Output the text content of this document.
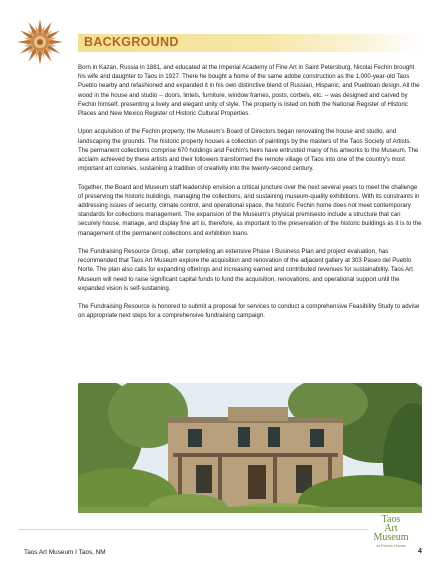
BACKGROUND

Born in Kazan, Russia in 1881, and educated at the Imperial Academy of Fine Art in Saint Petersburg, Nicolai Fechin brought his wife and daughter to Taos in 1927. There he bought a home of the same adobe construction as the 1,000-year-old Taos Pueblo nearby and refashioned and expanded it in his own distinctive blend of Russian, Hispanic, and Puebloan design. All the wood in the house and studio -- doors, lintels, furniture, window frames, posts, corbels, etc. -- was designed and carved by Fechin himself, presenting a lively and elegant unity of style. The property is listed on both the National Register of Historic Places and New Mexico Register of Historic Cultural Properties.

Upon acquisition of the Fechin property, the Museum's Board of Directors began renovating the house and studio, and landscaping the grounds. The historic property houses a collection of paintings by the masters of the Taos Society of Artists. The permanent collections comprise 670 holdings and Fechin's heirs have entrusted many of his artworks to the Museum. The acclaim achieved by these artists and their followers transformed the remote village of Taos into one of the country's most important art colonies, sustaining a tradition of creativity into the twenty-second century.

Together, the Board and Museum staff leadership envision a critical juncture over the next several years to meet the challenge of preserving the historic buildings, managing the collections, and sustaining museum-quality exhibitions. With its constraints in addressing issues of security, climate control, and operational space, the historic Fechin home does not meet contemporary standards for collections management. The expansion of the Museum's physical premisesto include a structure that can securely house, manage, and display fine art is, therefore, as important to the preservation of the historic buildings as it is to the management of the permanent collections and exhibition loans.

The Fundraising Resource Group, after completing an extensive Phase I Business Plan and project evaluation, has recommended that Taos Art Museum explore the acquisition and renovation of the adjacent gallery at 303 Paseo del Pueblo Norte. The plan also calls for expanding offerings and increasing earned and contributed revenues for sustainability. Taos Art Museum will need to raise significant capital funds to fund the acquisition, renovations, and operational support until the expanded vision is self-sustaining.

The Fundraising Resource is honored to submit a proposal for services to conduct a comprehensive Feasibility Study to advise on appropriate next steps for a comprehensive fundraising campaign.

Taos Art Museum I Taos, NM
Taos
Art
Museum
at Fechin House
4
